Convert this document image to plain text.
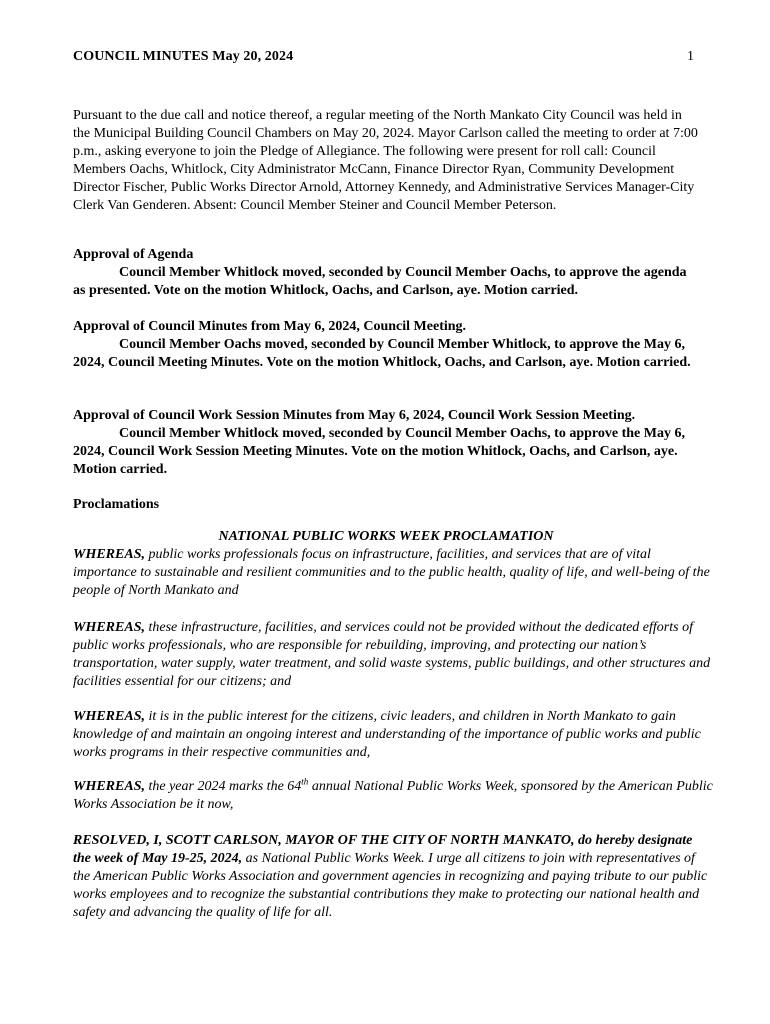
COUNCIL MINUTES May 20, 2024	1

Pursuant to the due call and notice thereof, a regular meeting of the North Mankato City Council was held in the Municipal Building Council Chambers on May 20, 2024. Mayor Carlson called the meeting to order at 7:00 p.m., asking everyone to join the Pledge of Allegiance. The following were present for roll call: Council Members Oachs, Whitlock, City Administrator McCann, Finance Director Ryan, Community Development Director Fischer, Public Works Director Arnold, Attorney Kennedy, and Administrative Services Manager-City Clerk Van Genderen. Absent: Council Member Steiner and Council Member Peterson.

Approval of Agenda

Council Member Whitlock moved, seconded by Council Member Oachs, to approve the agenda as presented. Vote on the motion Whitlock, Oachs, and Carlson, aye. Motion carried.

Approval of Council Minutes from May 6, 2024, Council Meeting.

Council Member Oachs moved, seconded by Council Member Whitlock, to approve the May 6, 2024, Council Meeting Minutes. Vote on the motion Whitlock, Oachs, and Carlson, aye. Motion carried.

Approval of Council Work Session Minutes from May 6, 2024, Council Work Session Meeting.

Council Member Whitlock moved, seconded by Council Member Oachs, to approve the May 6, 2024, Council Work Session Meeting Minutes. Vote on the motion Whitlock, Oachs, and Carlson, aye. Motion carried.

Proclamations

NATIONAL PUBLIC WORKS WEEK PROCLAMATION

WHEREAS, public works professionals focus on infrastructure, facilities, and services that are of vital importance to sustainable and resilient communities and to the public health, quality of life, and well-being of the people of North Mankato and

WHEREAS, these infrastructure, facilities, and services could not be provided without the dedicated efforts of public works professionals, who are responsible for rebuilding, improving, and protecting our nation’s transportation, water supply, water treatment, and solid waste systems, public buildings, and other structures and facilities essential for our citizens; and

WHEREAS, it is in the public interest for the citizens, civic leaders, and children in North Mankato to gain knowledge of and maintain an ongoing interest and understanding of the importance of public works and public works programs in their respective communities and,

WHEREAS, the year 2024 marks the 64th annual National Public Works Week, sponsored by the American Public Works Association be it now,

RESOLVED, I, SCOTT CARLSON, MAYOR OF THE CITY OF NORTH MANKATO, do hereby designate the week of May 19-25, 2024, as National Public Works Week. I urge all citizens to join with representatives of the American Public Works Association and government agencies in recognizing and paying tribute to our public works employees and to recognize the substantial contributions they make to protecting our national health and safety and advancing the quality of life for all.
